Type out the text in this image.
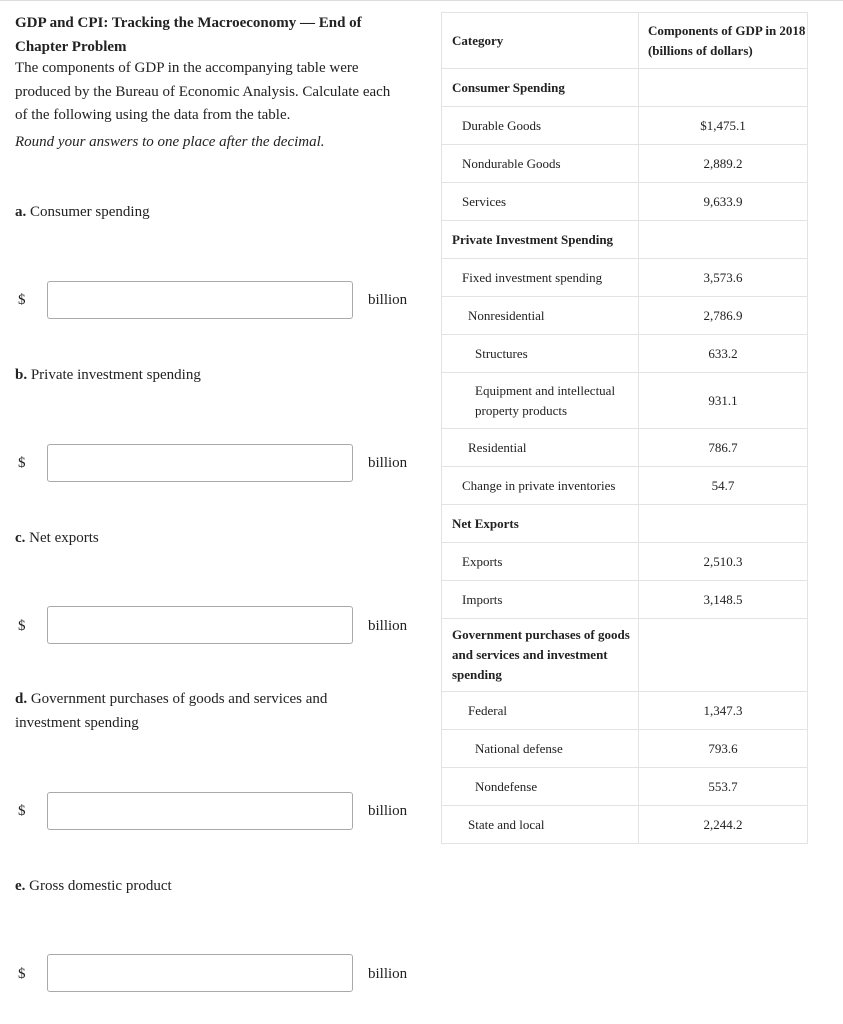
GDP and CPI: Tracking the Macroeconomy — End of Chapter Problem
The components of GDP in the accompanying table were produced by the Bureau of Economic Analysis. Calculate each of the following using the data from the table.
Round your answers to one place after the decimal.
a. Consumer spending
$	billion
b. Private investment spending
$	billion
c. Net exports
$	billion
d. Government purchases of goods and services and investment spending
$	billion
e. Gross domestic product
$	billion
Category	Components of GDP in 2018 (billions of dollars)
Consumer Spending	
Durable Goods	$1,475.1
Nondurable Goods	2,889.2
Services	9,633.9
Private Investment Spending	
Fixed investment spending	3,573.6
Nonresidential	2,786.9
Structures	633.2
Equipment and intellectual property products	931.1
Residential	786.7
Change in private inventories	54.7
Net Exports	
Exports	2,510.3
Imports	3,148.5
Government purchases of goods and services and investment spending	
Federal	1,347.3
National defense	793.6
Nondefense	553.7
State and local	2,244.2
